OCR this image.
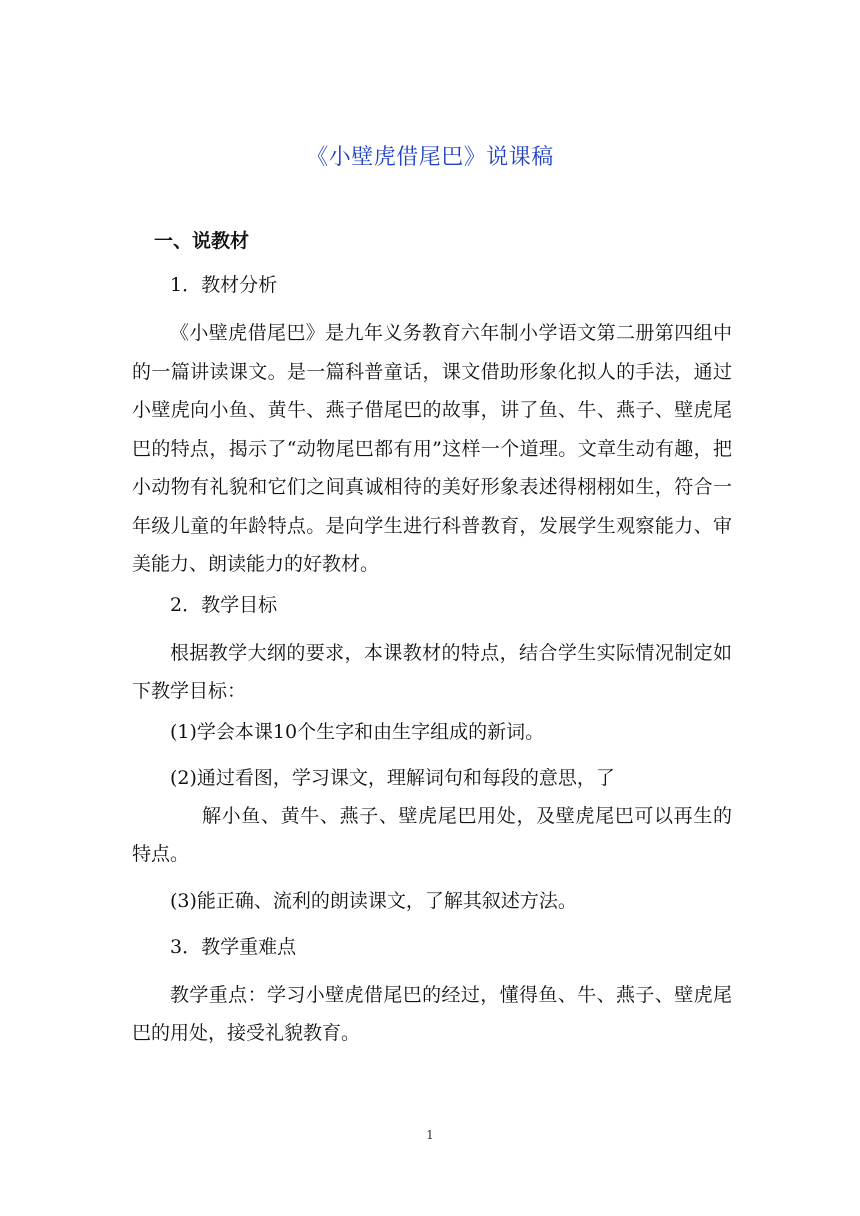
《小壁虎借尾巴》说课稿
一、说教材
1．教材分析
《小壁虎借尾巴》是九年义务教育六年制小学语文第二册第四组中的一篇讲读课文。是一篇科普童话，课文借助形象化拟人的手法，通过小壁虎向小鱼、黄牛、燕子借尾巴的故事，讲了鱼、牛、燕子、壁虎尾巴的特点，揭示了“动物尾巴都有用”这样一个道理。文章生动有趣，把小动物有礼貌和它们之间真诚相待的美好形象表述得栩栩如生，符合一年级儿童的年龄特点。是向学生进行科普教育，发展学生观察能力、审美能力、朗读能力的好教材。
2．教学目标
根据教学大纲的要求，本课教材的特点，结合学生实际情况制定如下教学目标：
(1)学会本课10个生字和由生字组成的新词。
(2)通过看图，学习课文，理解词句和每段的意思，了
解小鱼、黄牛、燕子、壁虎尾巴用处，及壁虎尾巴可以再生的特点。
(3)能正确、流利的朗读课文，了解其叙述方法。
3．教学重难点
教学重点：学习小壁虎借尾巴的经过，懂得鱼、牛、燕子、壁虎尾巴的用处，接受礼貌教育。
1
